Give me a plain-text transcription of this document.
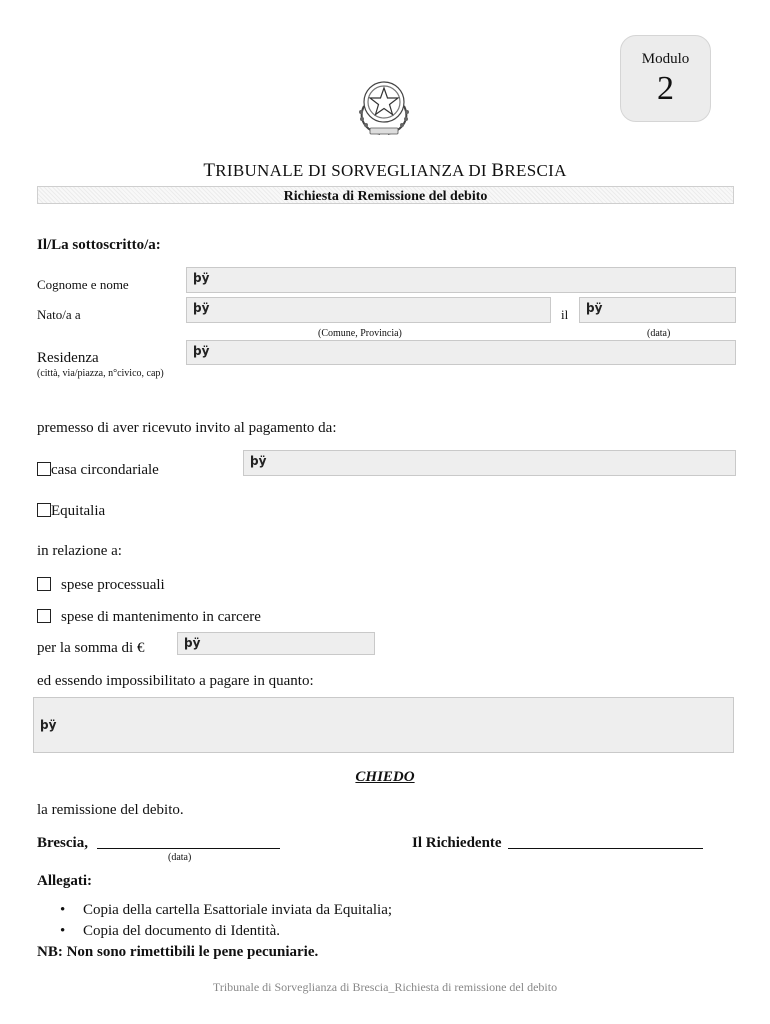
Modulo
2
TRIBUNALE DI SORVEGLIANZA DI BRESCIA
Richiesta di Remissione del debito
Il/La sottoscritto/a:
Cognome e nome	þÿ
Nato/a a	þÿ	il	þÿ
(Comune, Provincia)	(data)
Residenza
(città, via/piazza, n°civico, cap)
þÿ
premesso di aver ricevuto invito al pagamento da:
casa circondariale
þÿ
Equitalia
in relazione a:
spese processuali
spese di mantenimento in carcere
per la somma di €	þÿ
ed essendo impossibilitato a pagare in quanto:
þÿ
CHIEDO
la remissione del debito.
Brescia,
(data)
Il Richiedente
Allegati:
• Copia della cartella Esattoriale inviata da Equitalia;
• Copia del documento di Identità.
NB: Non sono rimettibili le pene pecuniarie.
Tribunale di Sorveglianza di Brescia_Richiesta di remissione del debito
